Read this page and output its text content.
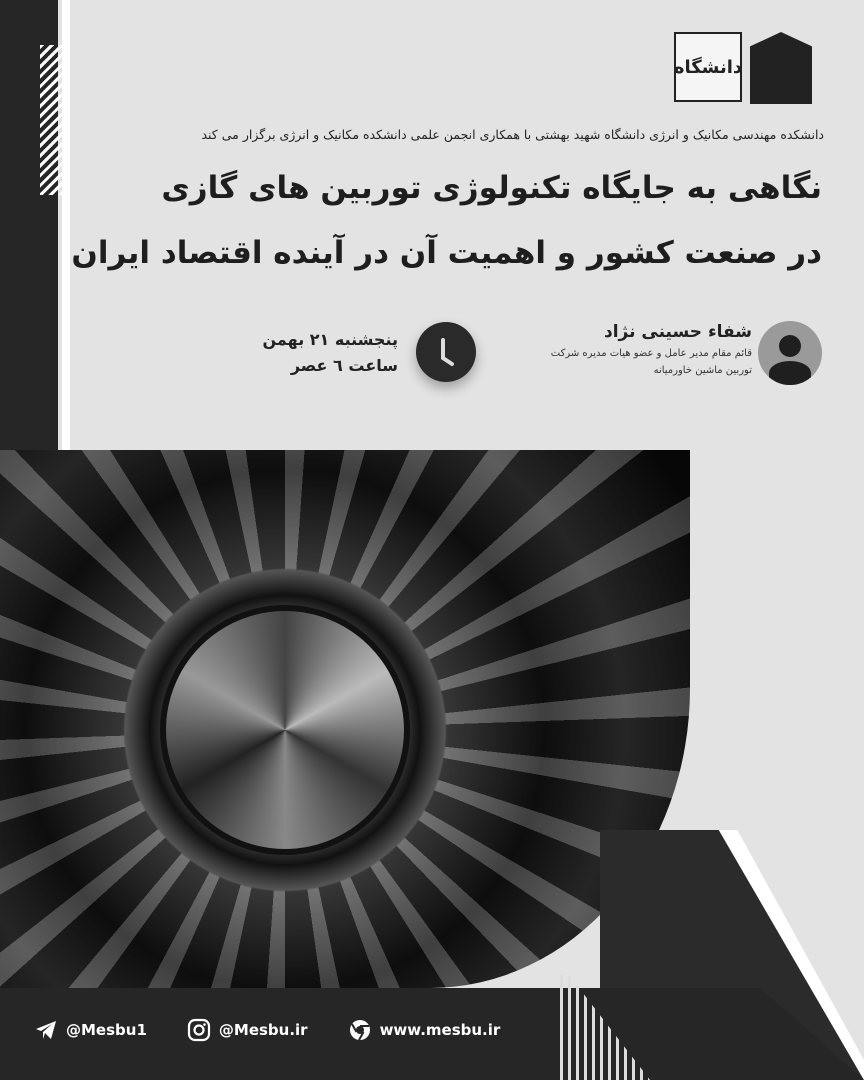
دانشگاه
دانشکده مهندسی مکانیک و انرژی دانشگاه شهید بهشتی با همکاری انجمن علمی دانشکده مکانیک و انرژی برگزار می کند
نگاهی به جایگاه تکنولوژی توربین های گازی
در صنعت کشور و اهمیت آن در آینده اقتصاد ایران
شفاء حسینی نژاد
قائم مقام مدیر عامل و عضو هیات مدیره شرکت
توربین ماشین خاورمیانه
پنجشنبه ۲۱ بهمن
ساعت ٦ عصر
@Mesbu1	@Mesbu.ir	www.mesbu.ir
